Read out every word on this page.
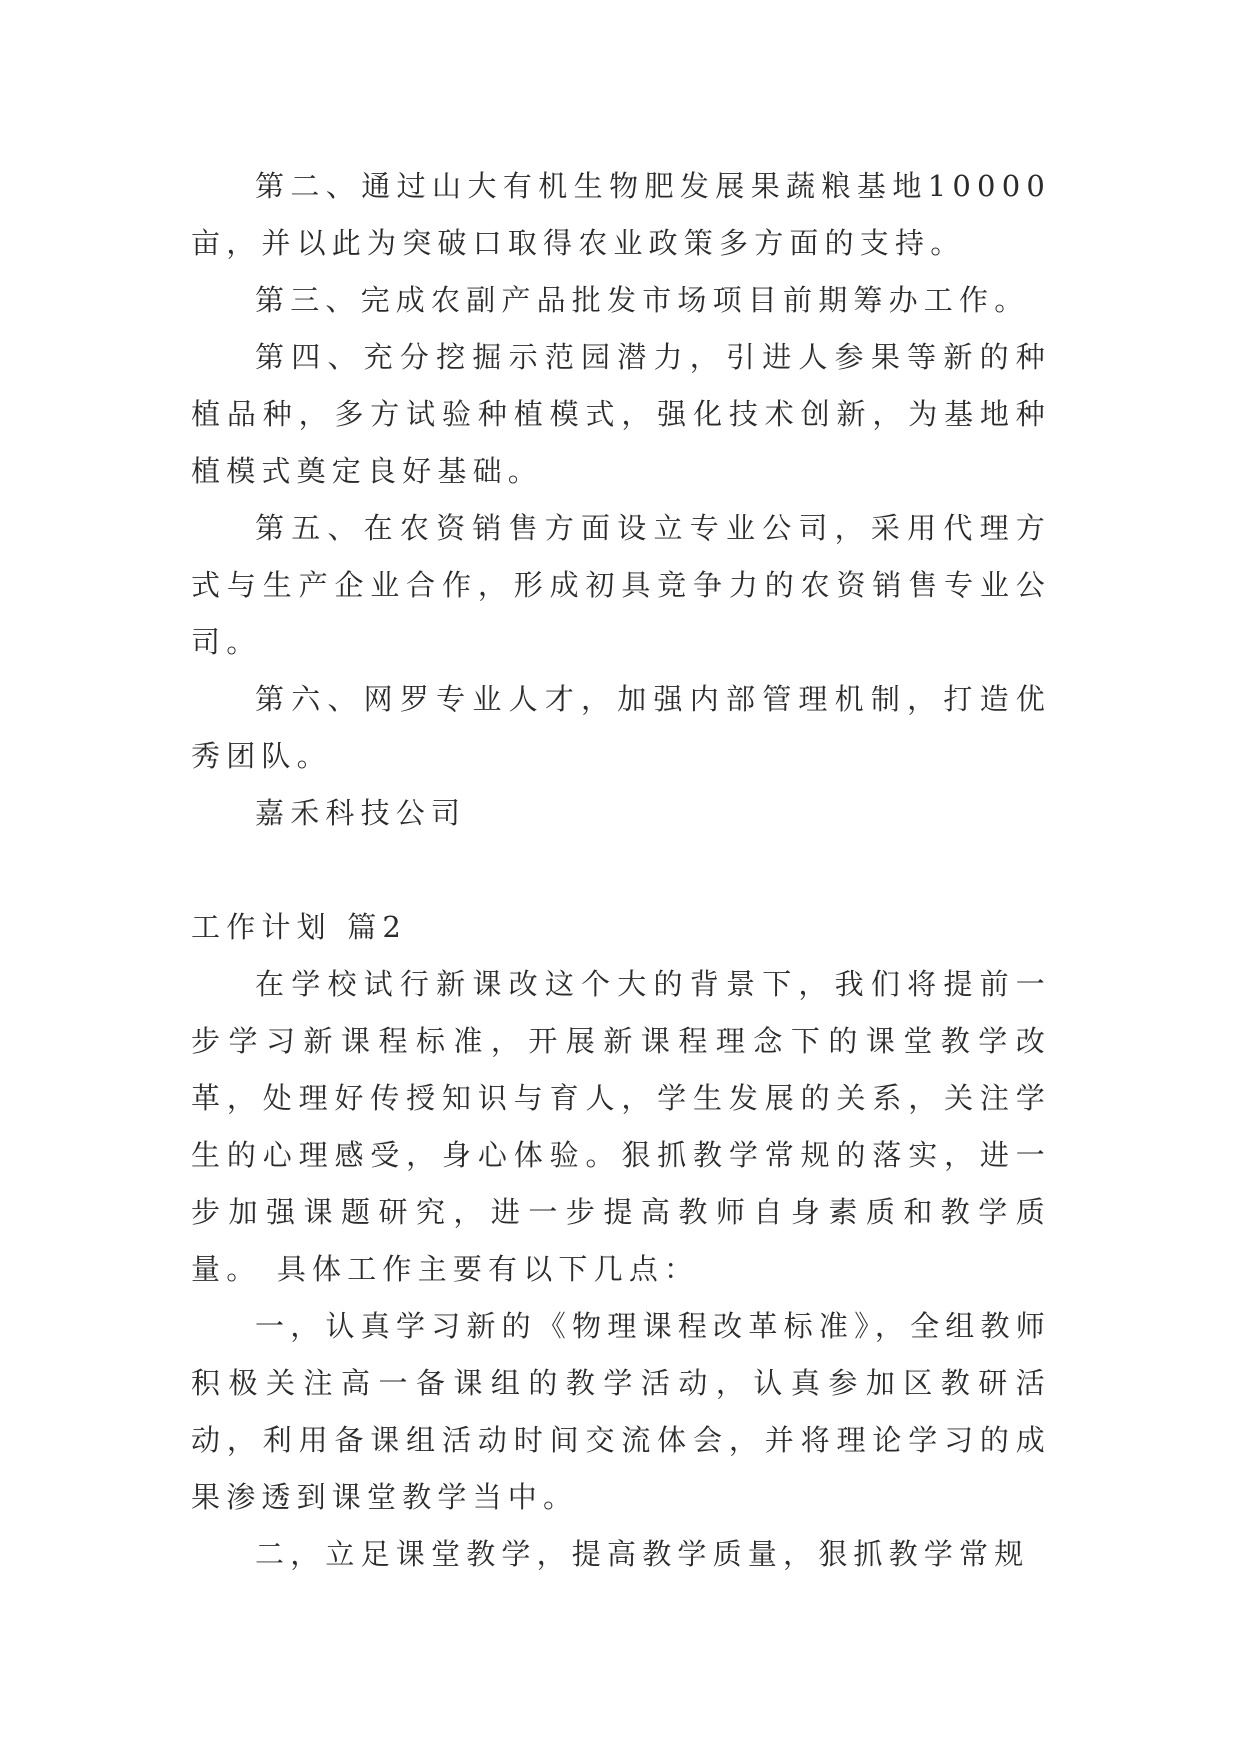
第二、通过山大有机生物肥发展果蔬粮基地10000亩，并以此为突破口取得农业政策多方面的支持。

第三、完成农副产品批发市场项目前期筹办工作。

第四、充分挖掘示范园潜力，引进人参果等新的种植品种，多方试验种植模式，强化技术创新，为基地种植模式奠定良好基础。

第五、在农资销售方面设立专业公司，采用代理方式与生产企业合作，形成初具竞争力的农资销售专业公司。

第六、网罗专业人才，加强内部管理机制，打造优秀团队。

嘉禾科技公司

工作计划 篇2

在学校试行新课改这个大的背景下，我们将提前一步学习新课程标准，开展新课程理念下的课堂教学改革，处理好传授知识与育人，学生发展的关系，关注学生的心理感受，身心体验。狠抓教学常规的落实，进一步加强课题研究，进一步提高教师自身素质和教学质量。 具体工作主要有以下几点：

一，认真学习新的《物理课程改革标准》，全组教师积极关注高一备课组的教学活动，认真参加区教研活动，利用备课组活动时间交流体会，并将理论学习的成果渗透到课堂教学当中。

二，立足课堂教学，提高教学质量，狠抓教学常规
